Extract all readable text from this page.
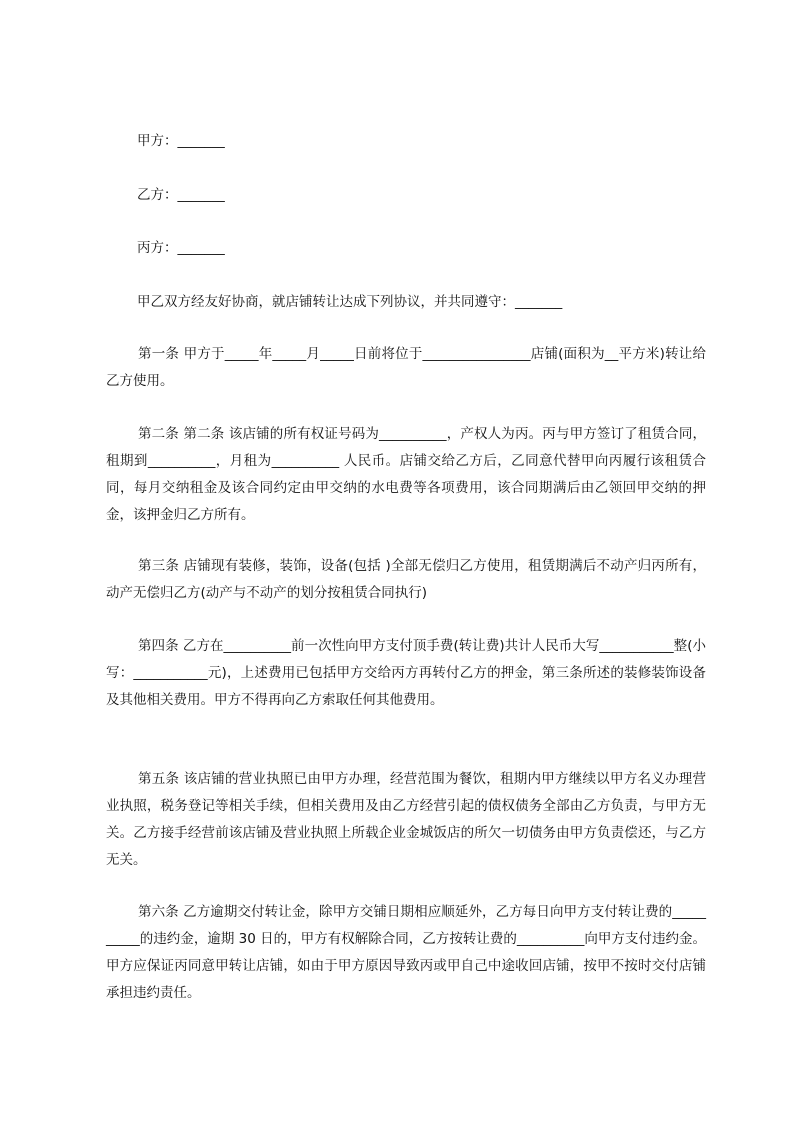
甲方：_______
乙方：_______
丙方：_______
甲乙双方经友好协商，就店铺转让达成下列协议，并共同遵守：_______
第一条 甲方于_____年_____月_____日前将位于________________店铺(面积为__平方米)转让给乙方使用。
第二条 第二条 该店铺的所有权证号码为__________，产权人为丙。丙与甲方签订了租赁合同，租期到__________，月租为__________ 人民币。店铺交给乙方后，乙同意代替甲向丙履行该租赁合同，每月交纳租金及该合同约定由甲交纳的水电费等各项费用，该合同期满后由乙领回甲交纳的押金，该押金归乙方所有。
第三条 店铺现有装修，装饰，设备(包括 )全部无偿归乙方使用，租赁期满后不动产归丙所有，动产无偿归乙方(动产与不动产的划分按租赁合同执行)
第四条 乙方在__________前一次性向甲方支付顶手费(转让费)共计人民币大写___________整(小写：___________元)，上述费用已包括甲方交给丙方再转付乙方的押金，第三条所述的装修装饰设备及其他相关费用。甲方不得再向乙方索取任何其他费用。
第五条 该店铺的营业执照已由甲方办理，经营范围为餐饮，租期内甲方继续以甲方名义办理营业执照，税务登记等相关手续，但相关费用及由乙方经营引起的债权债务全部由乙方负责，与甲方无关。乙方接手经营前该店铺及营业执照上所载企业金城饭店的所欠一切债务由甲方负责偿还，与乙方无关。
第六条 乙方逾期交付转让金，除甲方交铺日期相应顺延外，乙方每日向甲方支付转让费的__________的违约金，逾期 30 日的，甲方有权解除合同，乙方按转让费的__________向甲方支付违约金。甲方应保证丙同意甲转让店铺，如由于甲方原因导致丙或甲自己中途收回店铺，按甲不按时交付店铺承担违约责任。
